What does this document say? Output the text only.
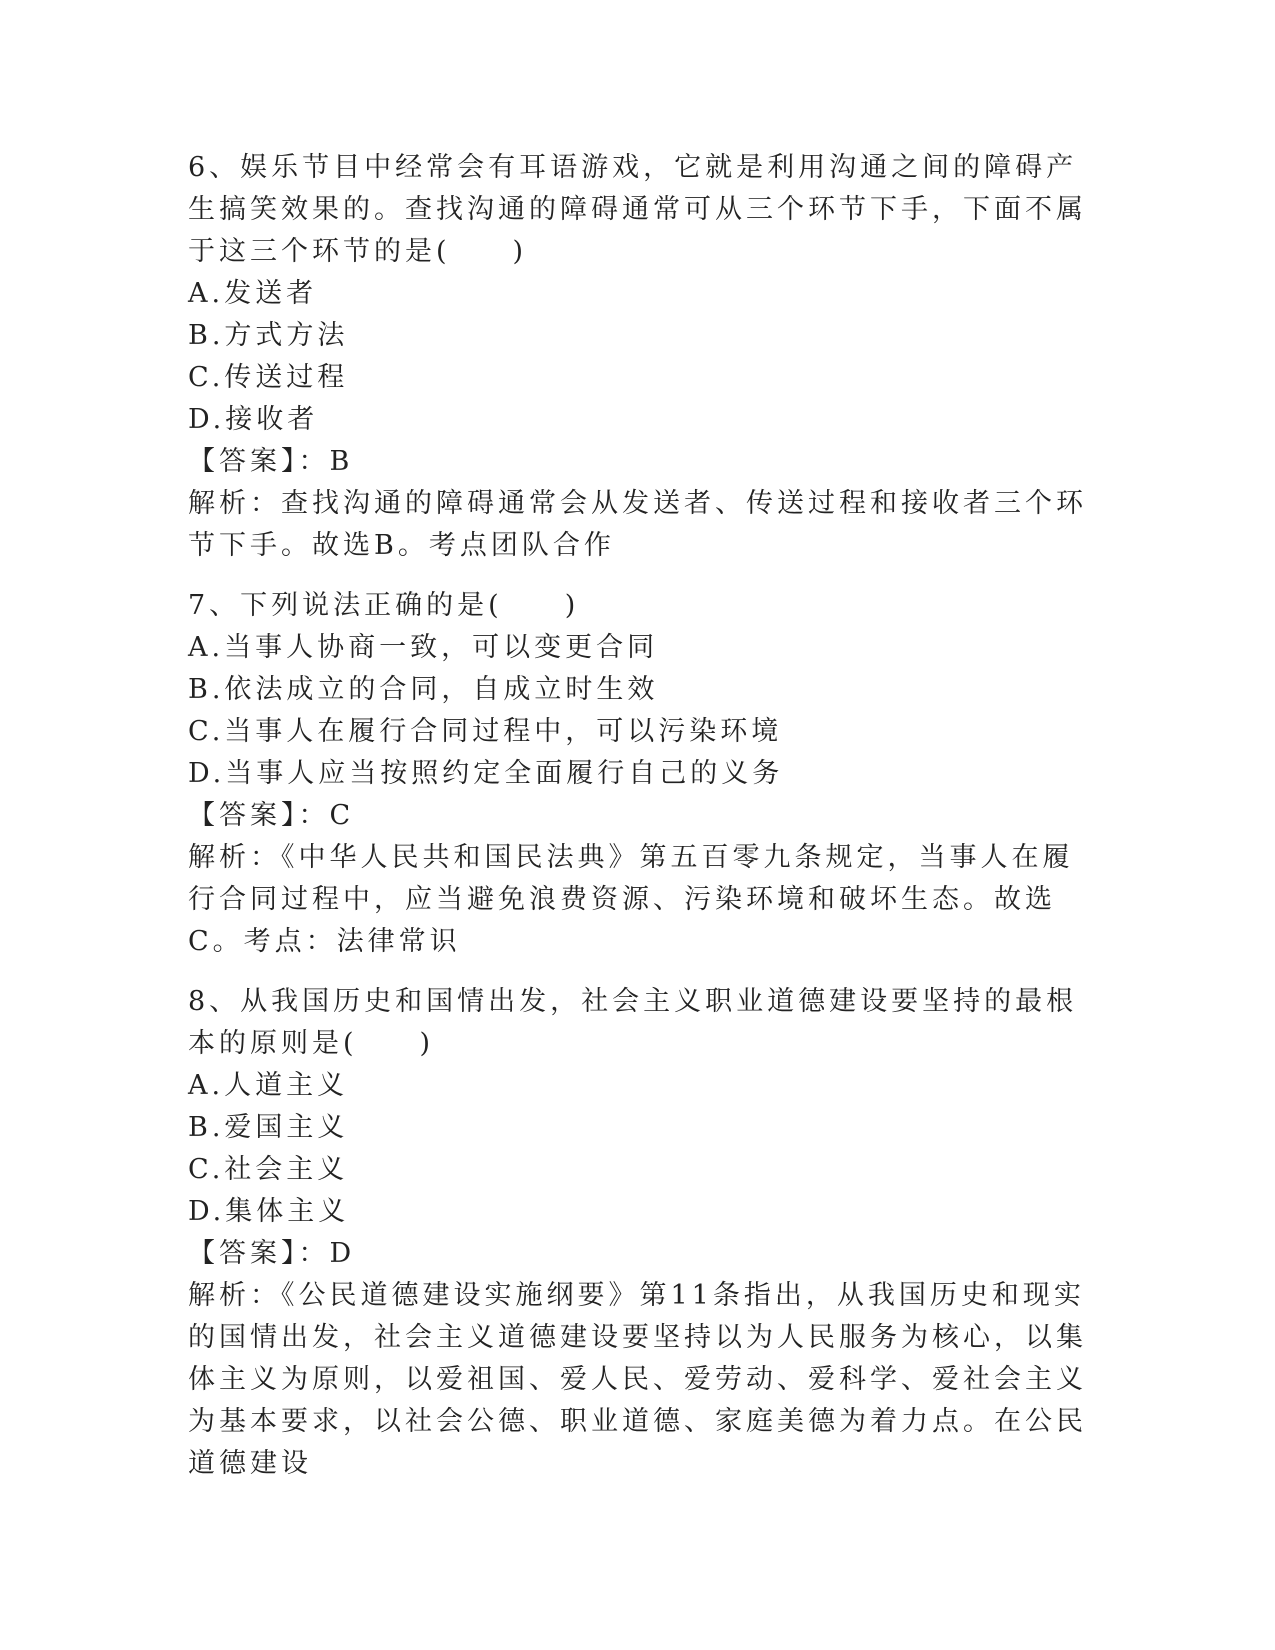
6、娱乐节目中经常会有耳语游戏，它就是利用沟通之间的障碍产生搞笑效果的。查找沟通的障碍通常可从三个环节下手，下面不属于这三个环节的是(　　)

A.发送者

B.方式方法

C.传送过程

D.接收者

【答案】：B

解析：查找沟通的障碍通常会从发送者、传送过程和接收者三个环节下手。故选B。考点团队合作

7、下列说法正确的是(　　)

A.当事人协商一致，可以变更合同

B.依法成立的合同，自成立时生效

C.当事人在履行合同过程中，可以污染环境

D.当事人应当按照约定全面履行自己的义务

【答案】：C

解析：《中华人民共和国民法典》第五百零九条规定，当事人在履行合同过程中，应当避免浪费资源、污染环境和破坏生态。故选C。考点：法律常识

8、从我国历史和国情出发，社会主义职业道德建设要坚持的最根本的原则是(　　)

A.人道主义

B.爱国主义

C.社会主义

D.集体主义

【答案】：D

解析：《公民道德建设实施纲要》第11条指出，从我国历史和现实的国情出发，社会主义道德建设要坚持以为人民服务为核心，以集体主义为原则，以爱祖国、爱人民、爱劳动、爱科学、爱社会主义为基本要求，以社会公德、职业道德、家庭美德为着力点。在公民道德建设
